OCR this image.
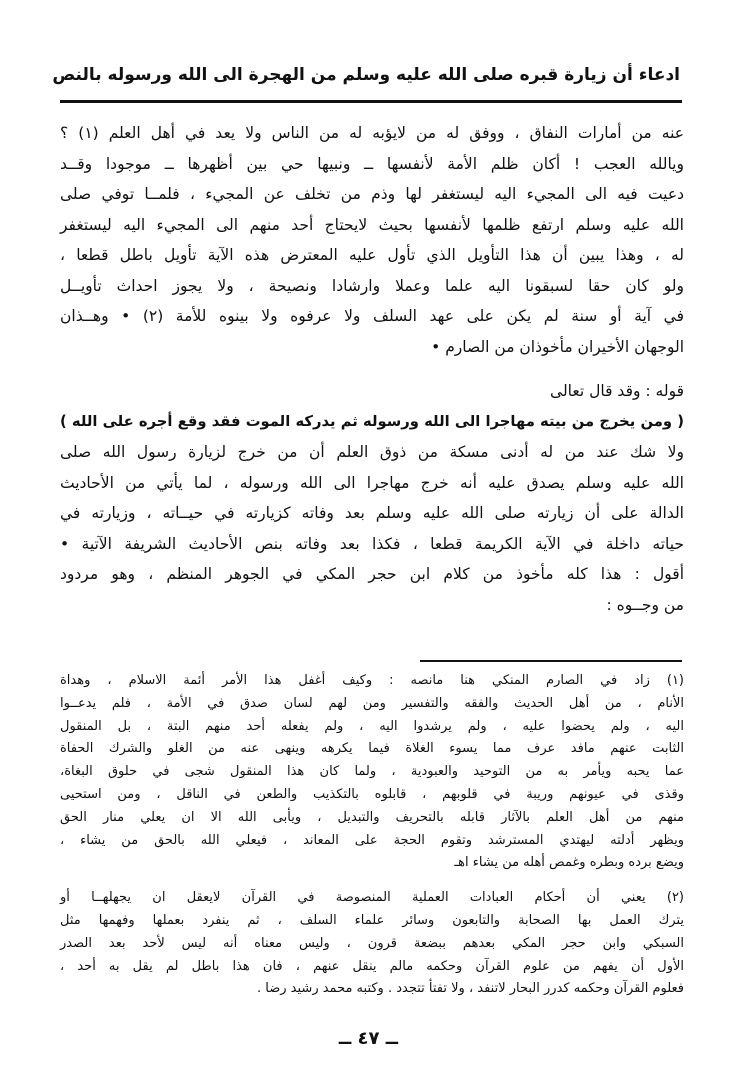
ادعاء أن زيارة قبره صلى الله عليه وسلم من الهجرة الى الله ورسوله بالنص
عنه من أمارات النفاق ، ووفق له من لايؤبه له من الناس ولا يعد في أهل العلم (١) ؟
ويالله العجب ! أكان ظلم الأمة لأنفسها ــ ونبيها حي بين أظهرها ــ موجودا وقــد
دعيت فيه الى المجيء اليه ليستغفر لها وذم من تخلف عن المجيء ، فلمــا توفي صلى
الله عليه وسلم ارتفع ظلمها لأنفسها بحيث لايحتاج أحد منهم الى المجيء اليه ليستغفر
له ، وهذا يبين أن هذا التأويل الذي تأول عليه المعترض هذه الآية تأويل باطل قطعا ،
ولو كان حقا لسبقونا اليه علما وعملا وارشادا ونصيحة ، ولا يجوز احداث تأويــل
في آية أو سنة لم يكن على عهد السلف ولا عرفوه ولا بينوه للأمة (٢) • وهــذان
الوجهان الأخيران مأخوذان من الصارم •
قوله : وقد قال تعالى
( ومن يخرج من بيته مهاجرا الى الله ورسوله ثم يدركه الموت فقد وقع أجره على الله )
ولا شك عند من له أدنى مسكة من ذوق العلم أن من خرج لزيارة رسول الله صلى
الله عليه وسلم يصدق عليه أنه خرج مهاجرا الى الله ورسوله ، لما يأتي من الأحاديث
الدالة على أن زيارته صلى الله عليه وسلم بعد وفاته كزيارته في حيــاته ، وزيارته في
حياته داخلة في الآية الكريمة قطعا ، فكذا بعد وفاته بنص الأحاديث الشريفة الآتية •
أقول : هذا كله مأخوذ من كلام ابن حجر المكي في الجوهر المنظم ، وهو مردود
من وجــوه :
(١) زاد في الصارم المنكي هنا مانصه : وكيف أغفل هذا الأمر أئمة الاسلام ، وهداة
الأنام ، من أهل الحديث والفقه والتفسير ومن لهم لسان صدق في الأمة ، فلم يدعــوا
اليه ، ولم يحضوا عليه ، ولم يرشدوا اليه ، ولم يفعله أحد منهم البتة ، بل المنقول
الثابت عنهم مافد عرف مما يسوء الغلاة فيما يكرهه وينهى عنه من الغلو والشرك الحفاة
عما يحبه ويأمر به من التوحيد والعبودية ، ولما كان هذا المنقول شجى في حلوق البغاة،
وقذى في عيونهم وريبة في قلوبهم ، قابلوه بالتكذيب والطعن في الناقل ، ومن استحيى
منهم من أهل العلم بالآثار قابله بالتحريف والتبديل ، ويأبى الله الا ان يعلي منار الحق
ويظهر أدلته ليهتدي المسترشد وتقوم الحجة على المعاند ، فيعلي الله بالحق من يشاء ،
ويضع برده وبطره وغمص أهله من يشاء اهـ
(٢) يعني أن أحكام العبادات العملية المنصوصة في القرآن لايعقل ان يجهلهــا أو
يترك العمل بها الصحابة والتابعون وسائر علماء السلف ، ثم ينفرد بعملها وفهمها مثل
السبكي وابن حجر المكي بعدهم ببضعة قرون ، وليس معناه أنه ليس لأحد بعد الصدر
الأول أن يفهم من علوم القرآن وحكمه مالم ينقل عنهم ، فان هذا باطل لم يقل به أحد ،
فعلوم القرآن وحكمه كدرر البحار لاتنفد ، ولا تفتأ تتجدد . وكتبه محمد رشيد رضا .
ــ ٤٧ ــ
